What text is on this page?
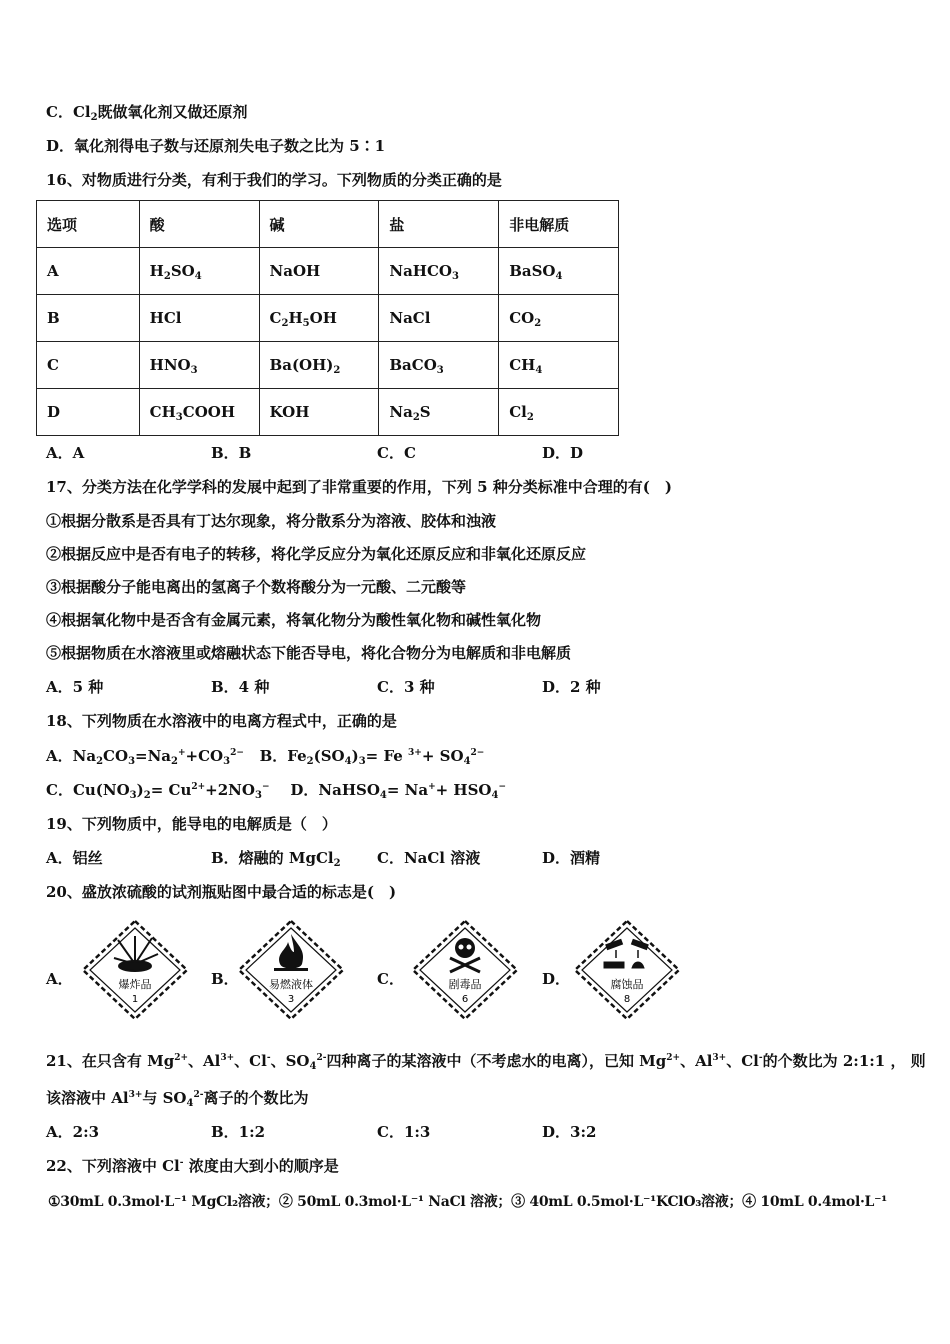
C．$Cl_2$既做氧化剂又做还原剂
D．氧化剂得电子数与还原剂失电子数之比为 5∶1
16、对物质进行分类，有利于我们的学习。下列物质的分类正确的是
选项	酸	碱	盐	非电解质
A	$H_2SO_4$	NaOH	NaHCO$_3$	BaSO$_4$
B	HCl	$C_2H_5OH$	NaCl	$CO_2$
C	$HNO_3$	$Ba(OH)_2$	BaCO$_3$	$CH_4$
D	$CH_3COOH$	KOH	$Na_2S$	$Cl_2$
A．A	B．B	C．C	D．D
17、分类方法在化学学科的发展中起到了非常重要的作用，下列 5 种分类标准中合理的有(　)
①根据分散系是否具有丁达尔现象，将分散系分为溶液、胶体和浊液
②根据反应中是否有电子的转移，将化学反应分为氧化还原反应和非氧化还原反应
③根据酸分子能电离出的氢离子个数将酸分为一元酸、二元酸等
④根据氧化物中是否含有金属元素，将氧化物分为酸性氧化物和碱性氧化物
⑤根据物质在水溶液里或熔融状态下能否导电，将化合物分为电解质和非电解质
A．5 种	B．4 种	C．3 种	D．2 种
18、下列物质在水溶液中的电离方程式中，正确的是
A．$Na_2CO_3=Na_2^++CO_3^{2-}$ B．$Fe_2(SO_4)_3= Fe$ $^{3+}+ SO_4^{2-}$
C．$Cu(NO_3)_2= Cu^{2+}+2NO_3^-$ D．NaHSO$_4$= $Na^++ HSO_4^-$
19、下列物质中，能导电的电解质是（　）
A．铝丝	B．熔融的 MgCl$_2$ C．NaCl 溶液	D．酒精
20、盛放浓硫酸的试剂瓶贴图中最合适的标志是(　)
A．	爆炸品
1
B．	易燃液体
3
C．	剧毒品
6
D．	腐蚀品
8
21、在只含有 $Mg^{2+}$、$Al^{3+}$、Cl-、$SO_4^{2-}$四种离子的某溶液中（不考虑水的电离），已知 $Mg^{2+}$、$Al^{3+}$、Cl-的个数比为 2:1:1 ， 则
该溶液中 $Al^{3+}$与 $SO_4^{2-}$离子的个数比为
A．2:3	B．1:2	C．1:3	D．3:2
22、下列溶液中 Cl- 浓度由大到小的顺序是
①30mL 0.3mol·L⁻¹ MgCl₂溶液；② 50mL 0.3mol·L⁻¹ NaCl 溶液；③ 40mL 0.5mol·L⁻¹KClO₃溶液；④ 10mL 0.4mol·L⁻¹
